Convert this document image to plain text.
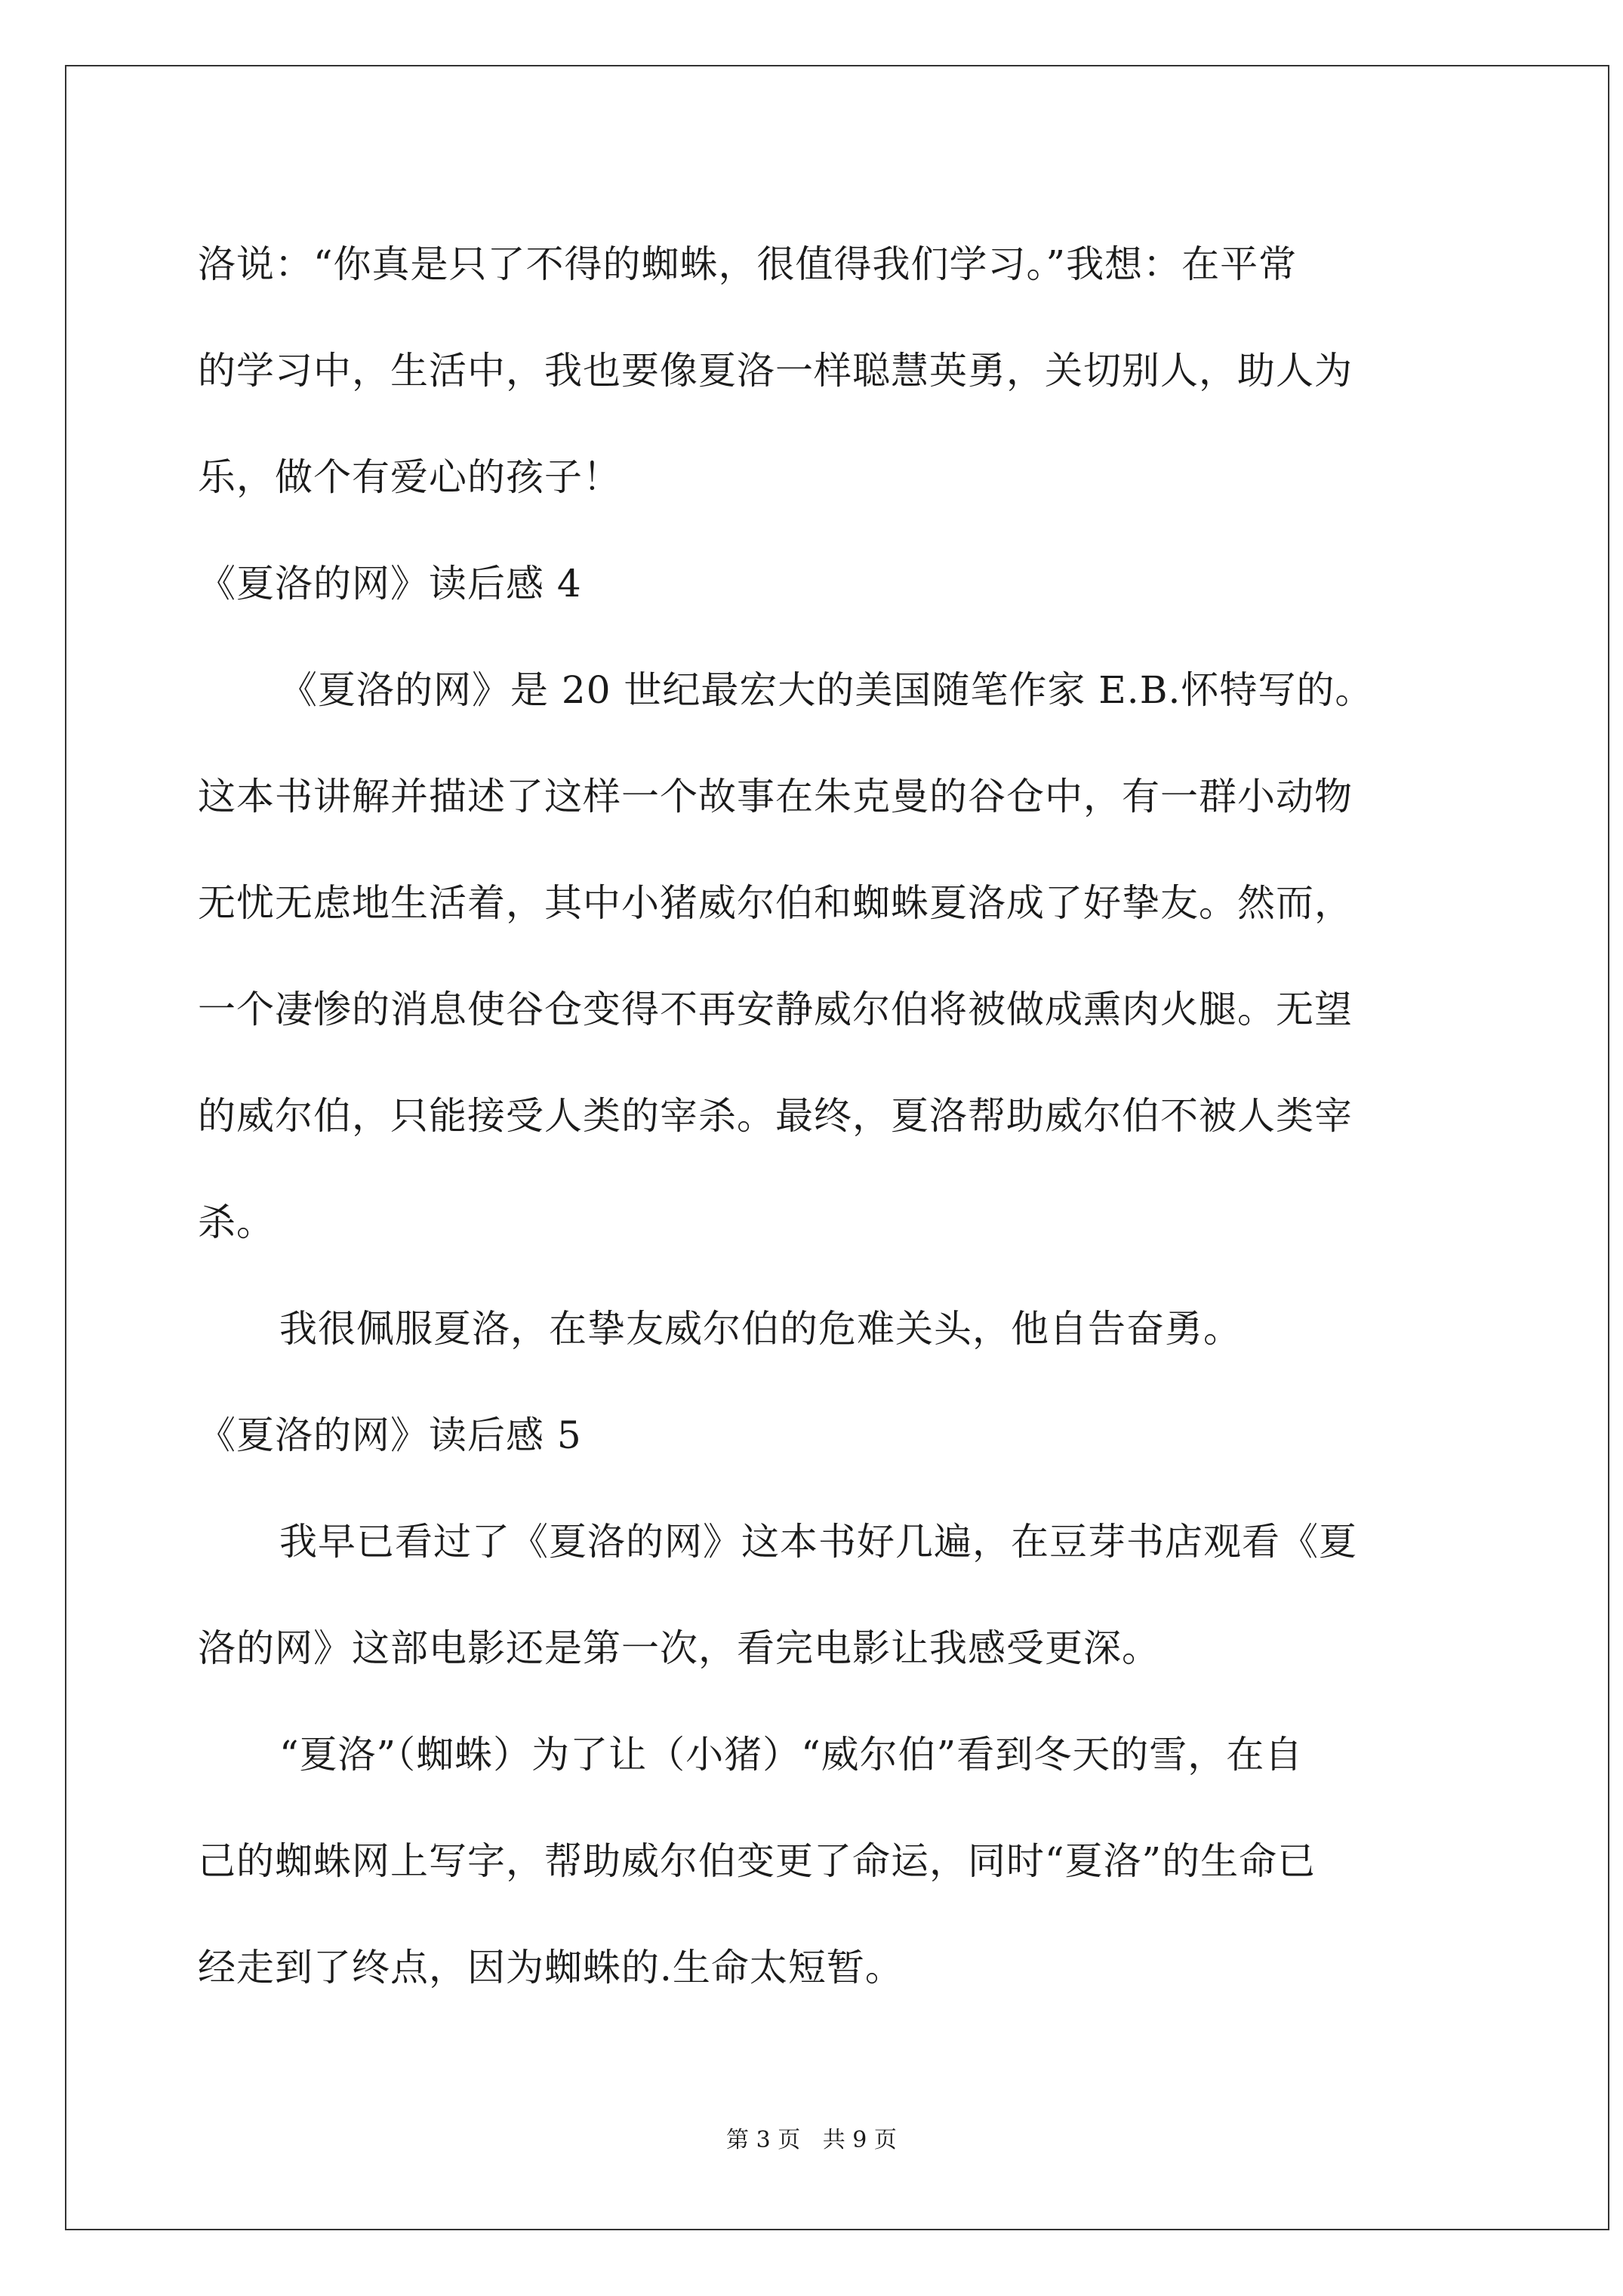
洛说：“你真是只了不得的蜘蛛，很值得我们学习。”我想：在平常
的学习中，生活中，我也要像夏洛一样聪慧英勇，关切别人，助人为
乐，做个有爱心的孩子！
《夏洛的网》读后感 4
《夏洛的网》是 20 世纪最宏大的美国随笔作家 E.B.怀特写的。
这本书讲解并描述了这样一个故事在朱克曼的谷仓中，有一群小动物
无忧无虑地生活着，其中小猪威尔伯和蜘蛛夏洛成了好挚友。然而，
一个凄惨的消息使谷仓变得不再安静威尔伯将被做成熏肉火腿。无望
的威尔伯，只能接受人类的宰杀。最终，夏洛帮助威尔伯不被人类宰
杀。
我很佩服夏洛，在挚友威尔伯的危难关头，他自告奋勇。
《夏洛的网》读后感 5
我早已看过了《夏洛的网》这本书好几遍，在豆芽书店观看《夏
洛的网》这部电影还是第一次，看完电影让我感受更深。
“夏洛”（蜘蛛）为了让（小猪）“威尔伯”看到冬天的雪，在自
己的蜘蛛网上写字，帮助威尔伯变更了命运，同时“夏洛”的生命已
经走到了终点，因为蜘蛛的.生命太短暂。
第 3 页 共 9 页
